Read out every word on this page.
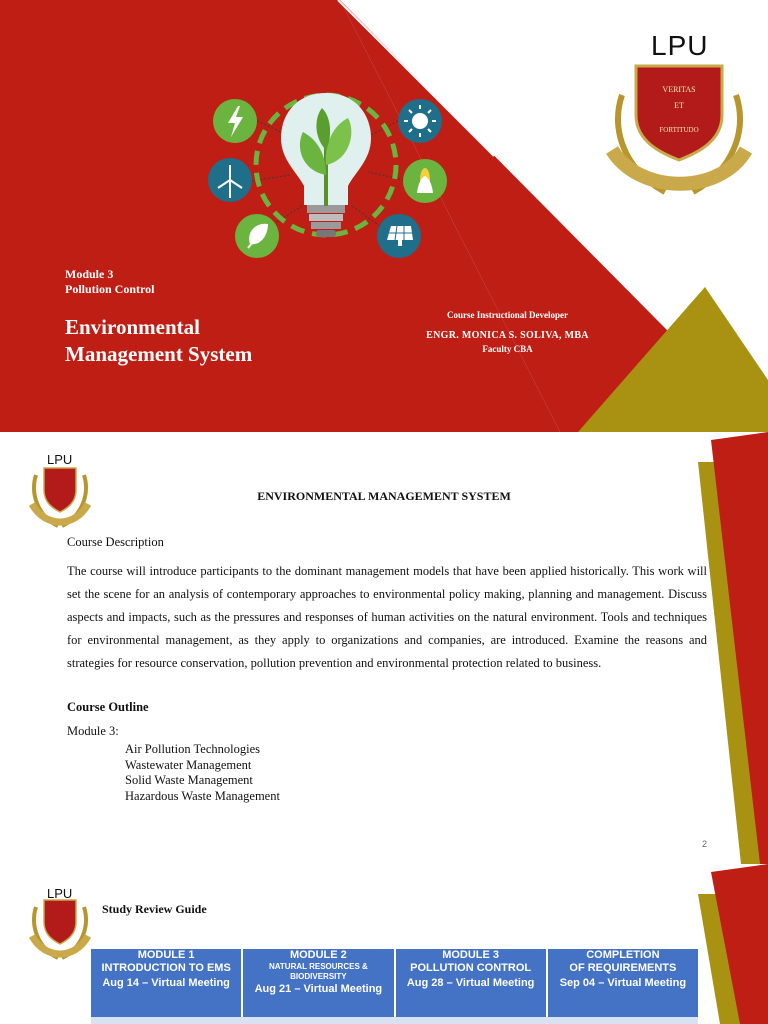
VERITAS
ET
FORTITUDO
LPU
Module 3
Pollution Control
Environmental
Management System
Course Instructional Developer
ENGR. MONICA S. SOLIVA, MBA
Faculty CBA
LPU
ENVIRONMENTAL MANAGEMENT SYSTEM
Course Description
The course will introduce participants to the dominant management models that have been applied historically. This work will set the scene for an analysis of contemporary approaches to environmental policy making, planning and management. Discuss aspects and impacts, such as the pressures and responses of human activities on the natural environment. Tools and techniques for environmental management, as they apply to organizations and companies, are introduced. Examine the reasons and strategies for resource conservation, pollution prevention and environmental protection related to business.
Course Outline
Module 3:
Air Pollution Technologies
Wastewater Management
Solid Waste Management
Hazardous Waste Management
2
LPU
Study Review Guide
MODULE 1
INTRODUCTION TO EMS
Aug 14 – Virtual Meeting
MODULE 2
NATURAL RESOURCES & BIODIVERSITY
Aug 21 – Virtual Meeting
MODULE 3
POLLUTION CONTROL
Aug 28 – Virtual Meeting
COMPLETION
OF REQUIREMENTS
Sep 04 – Virtual Meeting
